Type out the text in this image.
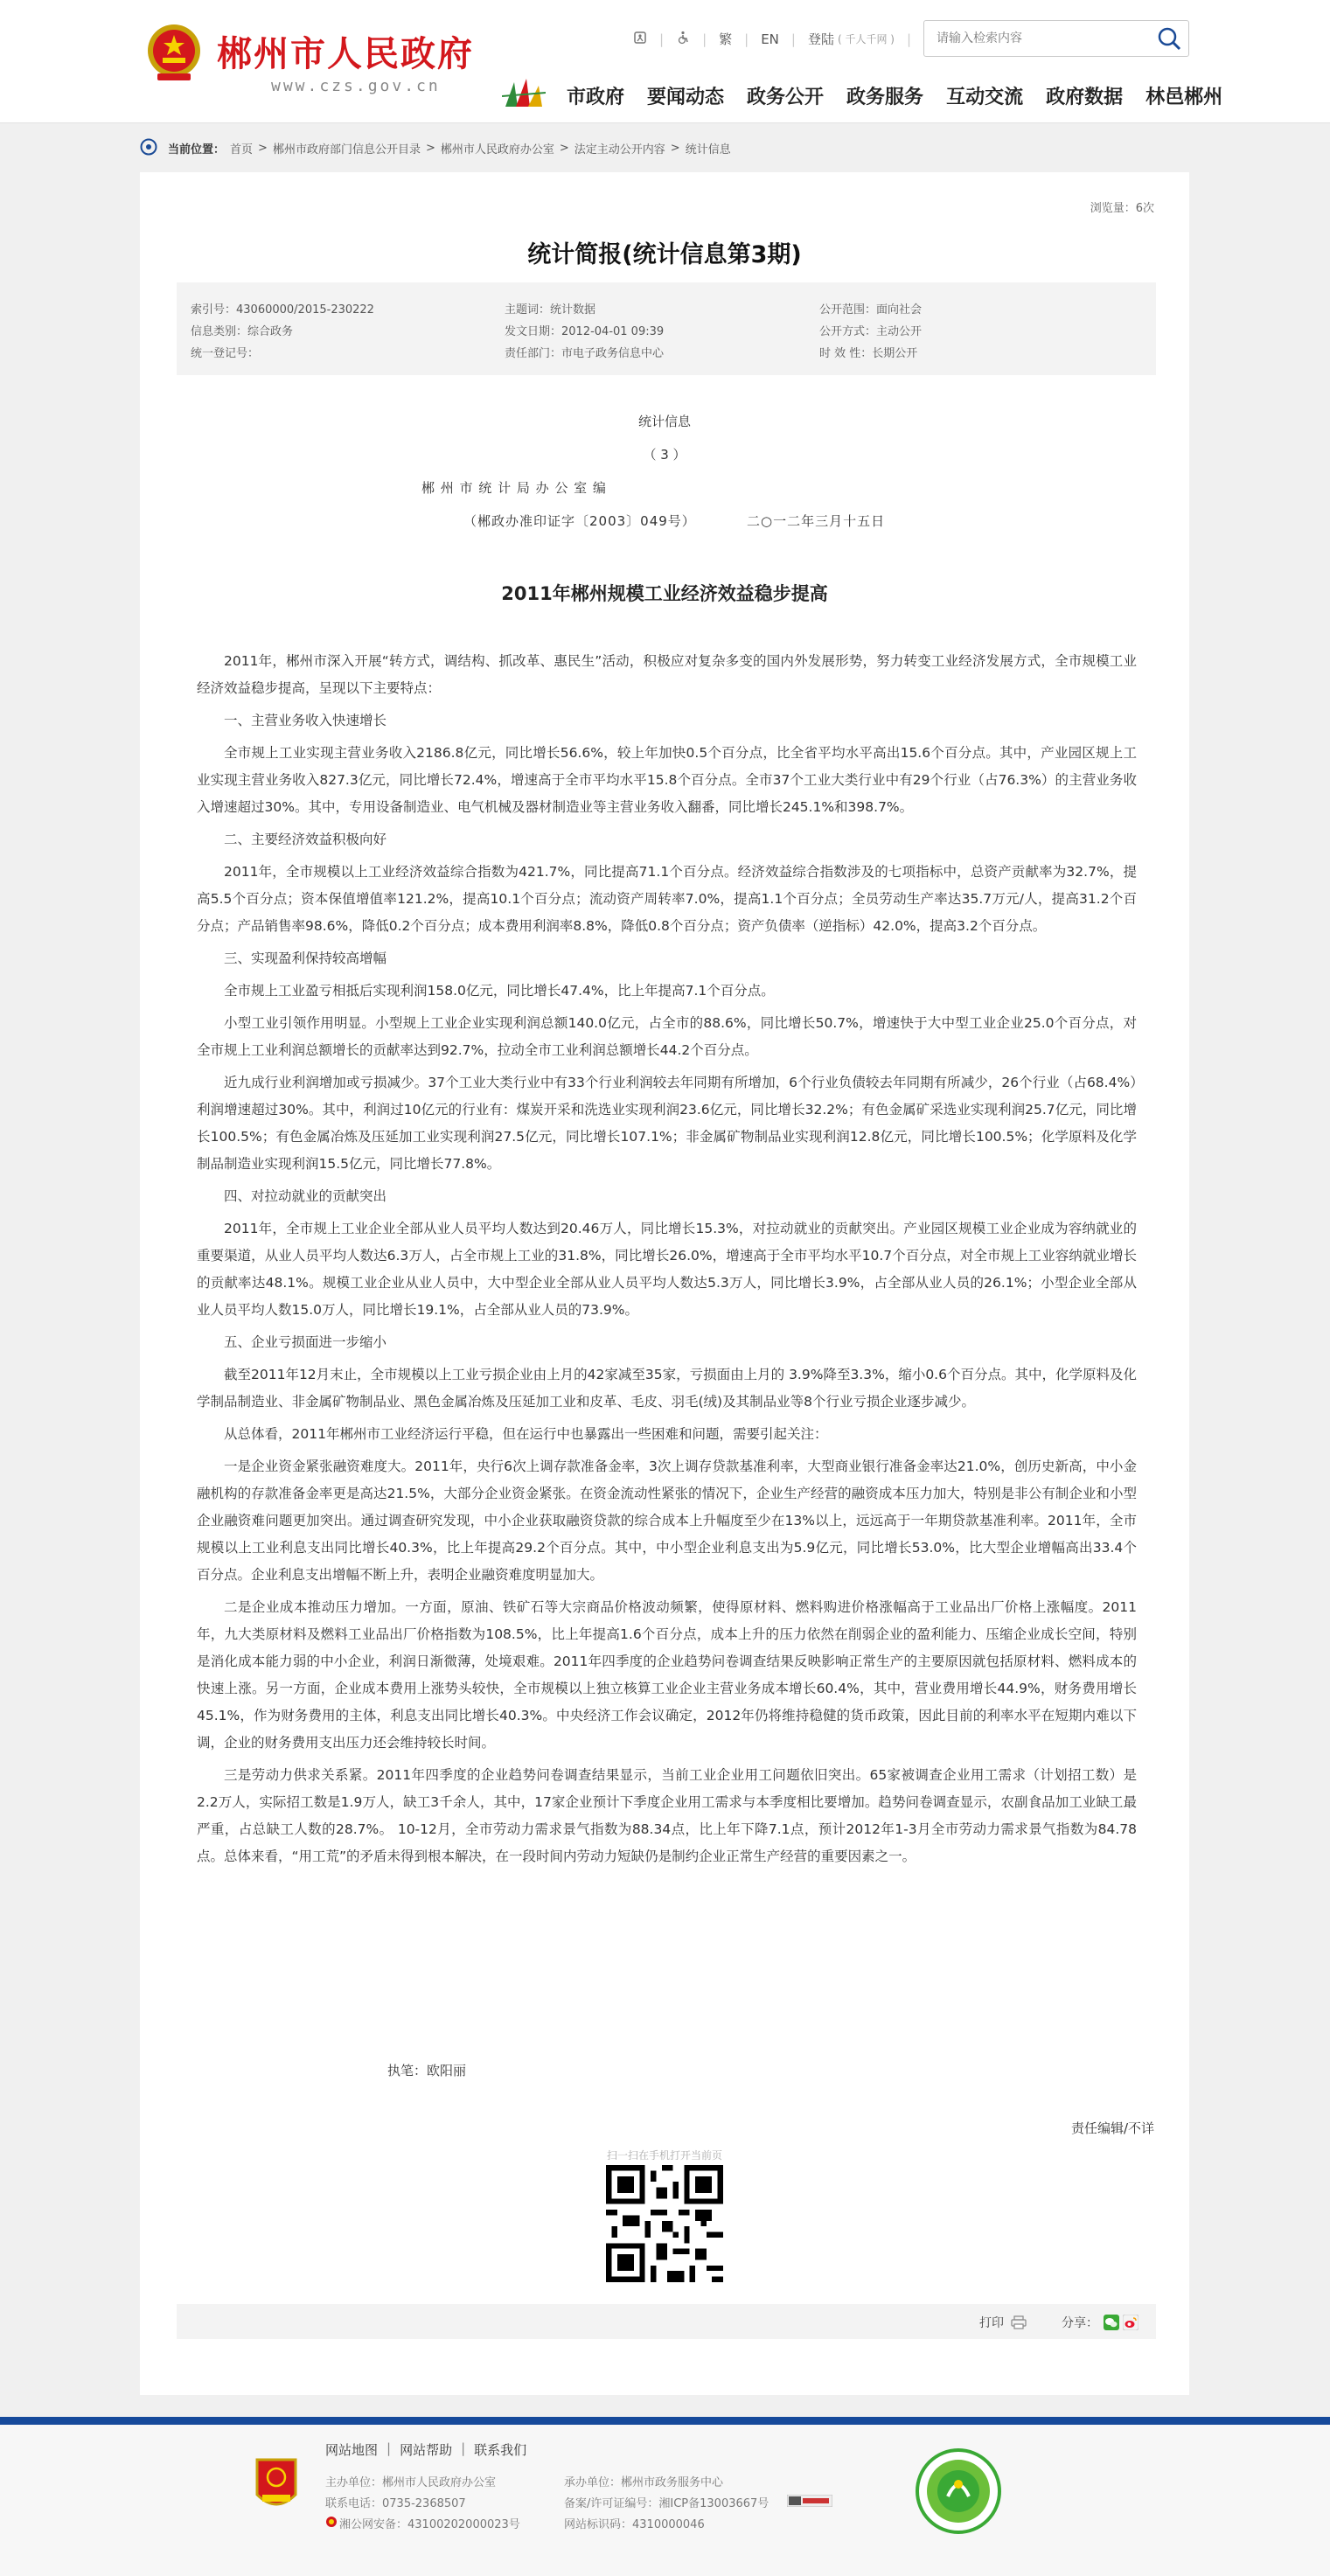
郴州市人民政府
www.czs.gov.cn
|	| 繁 | EN | 登陆 ( 千人千网 ) |
请输入检索内容
市政府 要闻动态 政务公开 政务服务 互动交流 政府数据 林邑郴州
当前位置： 首页 > 郴州市政府部门信息公开目录 > 郴州市人民政府办公室 > 法定主动公开内容 > 统计信息
浏览量：6次
统计简报(统计信息第3期)
索引号：43060000/2015-230222	主题词：统计数据	公开范围：面向社会
信息类别：综合政务	发文日期：2012-04-01 09:39	公开方式：主动公开
统一登记号：	责任部门：市电子政务信息中心	时 效 性：长期公开
统计信息
（ 3 ）
郴 州 市 统 计 局 办 公 室 编
（郴政办准印证字〔2003〕049号）	二○一二年三月十五日
2011年郴州规模工业经济效益稳步提高

2011年，郴州市深入开展“转方式，调结构、抓改革、惠民生”活动，积极应对复杂多变的国内外发展形势，努力转变工业经济发展方式，全市规模工业经济效益稳步提高，呈现以下主要特点：

一、主营业务收入快速增长

全市规上工业实现主营业务收入2186.8亿元，同比增长56.6%，较上年加快0.5个百分点，比全省平均水平高出15.6个百分点。其中，产业园区规上工业实现主营业务收入827.3亿元，同比增长72.4%，增速高于全市平均水平15.8个百分点。全市37个工业大类行业中有29个行业（占76.3%）的主营业务收入增速超过30%。其中，专用设备制造业、电气机械及器材制造业等主营业务收入翻番，同比增长245.1%和398.7%。

二、主要经济效益积极向好

2011年，全市规模以上工业经济效益综合指数为421.7%，同比提高71.1个百分点。经济效益综合指数涉及的七项指标中，总资产贡献率为32.7%，提高5.5个百分点；资本保值增值率121.2%，提高10.1个百分点；流动资产周转率7.0%，提高1.1个百分点；全员劳动生产率达35.7万元/人，提高31.2个百分点；产品销售率98.6%，降低0.2个百分点；成本费用利润率8.8%，降低0.8个百分点；资产负债率（逆指标）42.0%，提高3.2个百分点。

三、实现盈利保持较高增幅

全市规上工业盈亏相抵后实现利润158.0亿元，同比增长47.4%，比上年提高7.1个百分点。

小型工业引领作用明显。小型规上工业企业实现利润总额140.0亿元，占全市的88.6%，同比增长50.7%，增速快于大中型工业企业25.0个百分点，对全市规上工业利润总额增长的贡献率达到92.7%，拉动全市工业利润总额增长44.2个百分点。

近九成行业利润增加或亏损减少。37个工业大类行业中有33个行业利润较去年同期有所增加，6个行业负债较去年同期有所减少，26个行业（占68.4%）利润增速超过30%。其中，利润过10亿元的行业有：煤炭开采和洗选业实现利润23.6亿元，同比增长32.2%；有色金属矿采选业实现利润25.7亿元，同比增长100.5%；有色金属冶炼及压延加工业实现利润27.5亿元，同比增长107.1%；非金属矿物制品业实现利润12.8亿元，同比增长100.5%；化学原料及化学制品制造业实现利润15.5亿元，同比增长77.8%。

四、对拉动就业的贡献突出

2011年，全市规上工业企业全部从业人员平均人数达到20.46万人，同比增长15.3%，对拉动就业的贡献突出。产业园区规模工业企业成为容纳就业的重要渠道，从业人员平均人数达6.3万人，占全市规上工业的31.8%，同比增长26.0%，增速高于全市平均水平10.7个百分点，对全市规上工业容纳就业增长的贡献率达48.1%。规模工业企业从业人员中，大中型企业全部从业人员平均人数达5.3万人，同比增长3.9%，占全部从业人员的26.1%；小型企业全部从业人员平均人数15.0万人，同比增长19.1%，占全部从业人员的73.9%。

五、企业亏损面进一步缩小

截至2011年12月末止，全市规模以上工业亏损企业由上月的42家减至35家，亏损面由上月的 3.9%降至3.3%，缩小0.6个百分点。其中，化学原料及化学制品制造业、非金属矿物制品业、黑色金属冶炼及压延加工业和皮革、毛皮、羽毛(绒)及其制品业等8个行业亏损企业逐步减少。

从总体看，2011年郴州市工业经济运行平稳，但在运行中也暴露出一些困难和问题，需要引起关注：

一是企业资金紧张融资难度大。2011年，央行6次上调存款准备金率，3次上调存贷款基准利率，大型商业银行准备金率达21.0%，创历史新高，中小金融机构的存款准备金率更是高达21.5%，大部分企业资金紧张。在资金流动性紧张的情况下，企业生产经营的融资成本压力加大，特别是非公有制企业和小型企业融资难问题更加突出。通过调查研究发现，中小企业获取融资贷款的综合成本上升幅度至少在13%以上，远远高于一年期贷款基准利率。2011年，全市规模以上工业利息支出同比增长40.3%，比上年提高29.2个百分点。其中，中小型企业利息支出为5.9亿元，同比增长53.0%，比大型企业增幅高出33.4个百分点。企业利息支出增幅不断上升，表明企业融资难度明显加大。

二是企业成本推动压力增加。一方面，原油、铁矿石等大宗商品价格波动频繁，使得原材料、燃料购进价格涨幅高于工业品出厂价格上涨幅度。2011年，九大类原材料及燃料工业品出厂价格指数为108.5%，比上年提高1.6个百分点，成本上升的压力依然在削弱企业的盈利能力、压缩企业成长空间，特别是消化成本能力弱的中小企业，利润日渐微薄，处境艰难。2011年四季度的企业趋势问卷调查结果反映影响正常生产的主要原因就包括原材料、燃料成本的快速上涨。另一方面，企业成本费用上涨势头较快，全市规模以上独立核算工业企业主营业务成本增长60.4%，其中，营业费用增长44.9%，财务费用增长45.1%，作为财务费用的主体，利息支出同比增长40.3%。中央经济工作会议确定，2012年仍将维持稳健的货币政策，因此目前的利率水平在短期内难以下调，企业的财务费用支出压力还会维持较长时间。

三是劳动力供求关系紧。2011年四季度的企业趋势问卷调查结果显示，当前工业企业用工问题依旧突出。65家被调查企业用工需求（计划招工数）是2.2万人，实际招工数是1.9万人，缺工3千余人，其中，17家企业预计下季度企业用工需求与本季度相比要增加。趋势问卷调查显示，农副食品加工业缺工最严重，占总缺工人数的28.7%。 10-12月，全市劳动力需求景气指数为88.34点，比上年下降7.1点，预计2012年1-3月全市劳动力需求景气指数为84.78点。总体来看，“用工荒”的矛盾未得到根本解决，在一段时间内劳动力短缺仍是制约企业正常生产经营的重要因素之一。

执笔：欧阳丽
责任编辑/不详
扫一扫在手机打开当前页
打印	分享：
网站地图 | 网站帮助 | 联系我们
主办单位：郴州市人民政府办公室	承办单位：郴州市政务服务中心
联系电话：0735-2368507	备案/许可证编号：湘ICP备13003667号
湘公网安备：43100202000023号	网站标识码：4310000046
